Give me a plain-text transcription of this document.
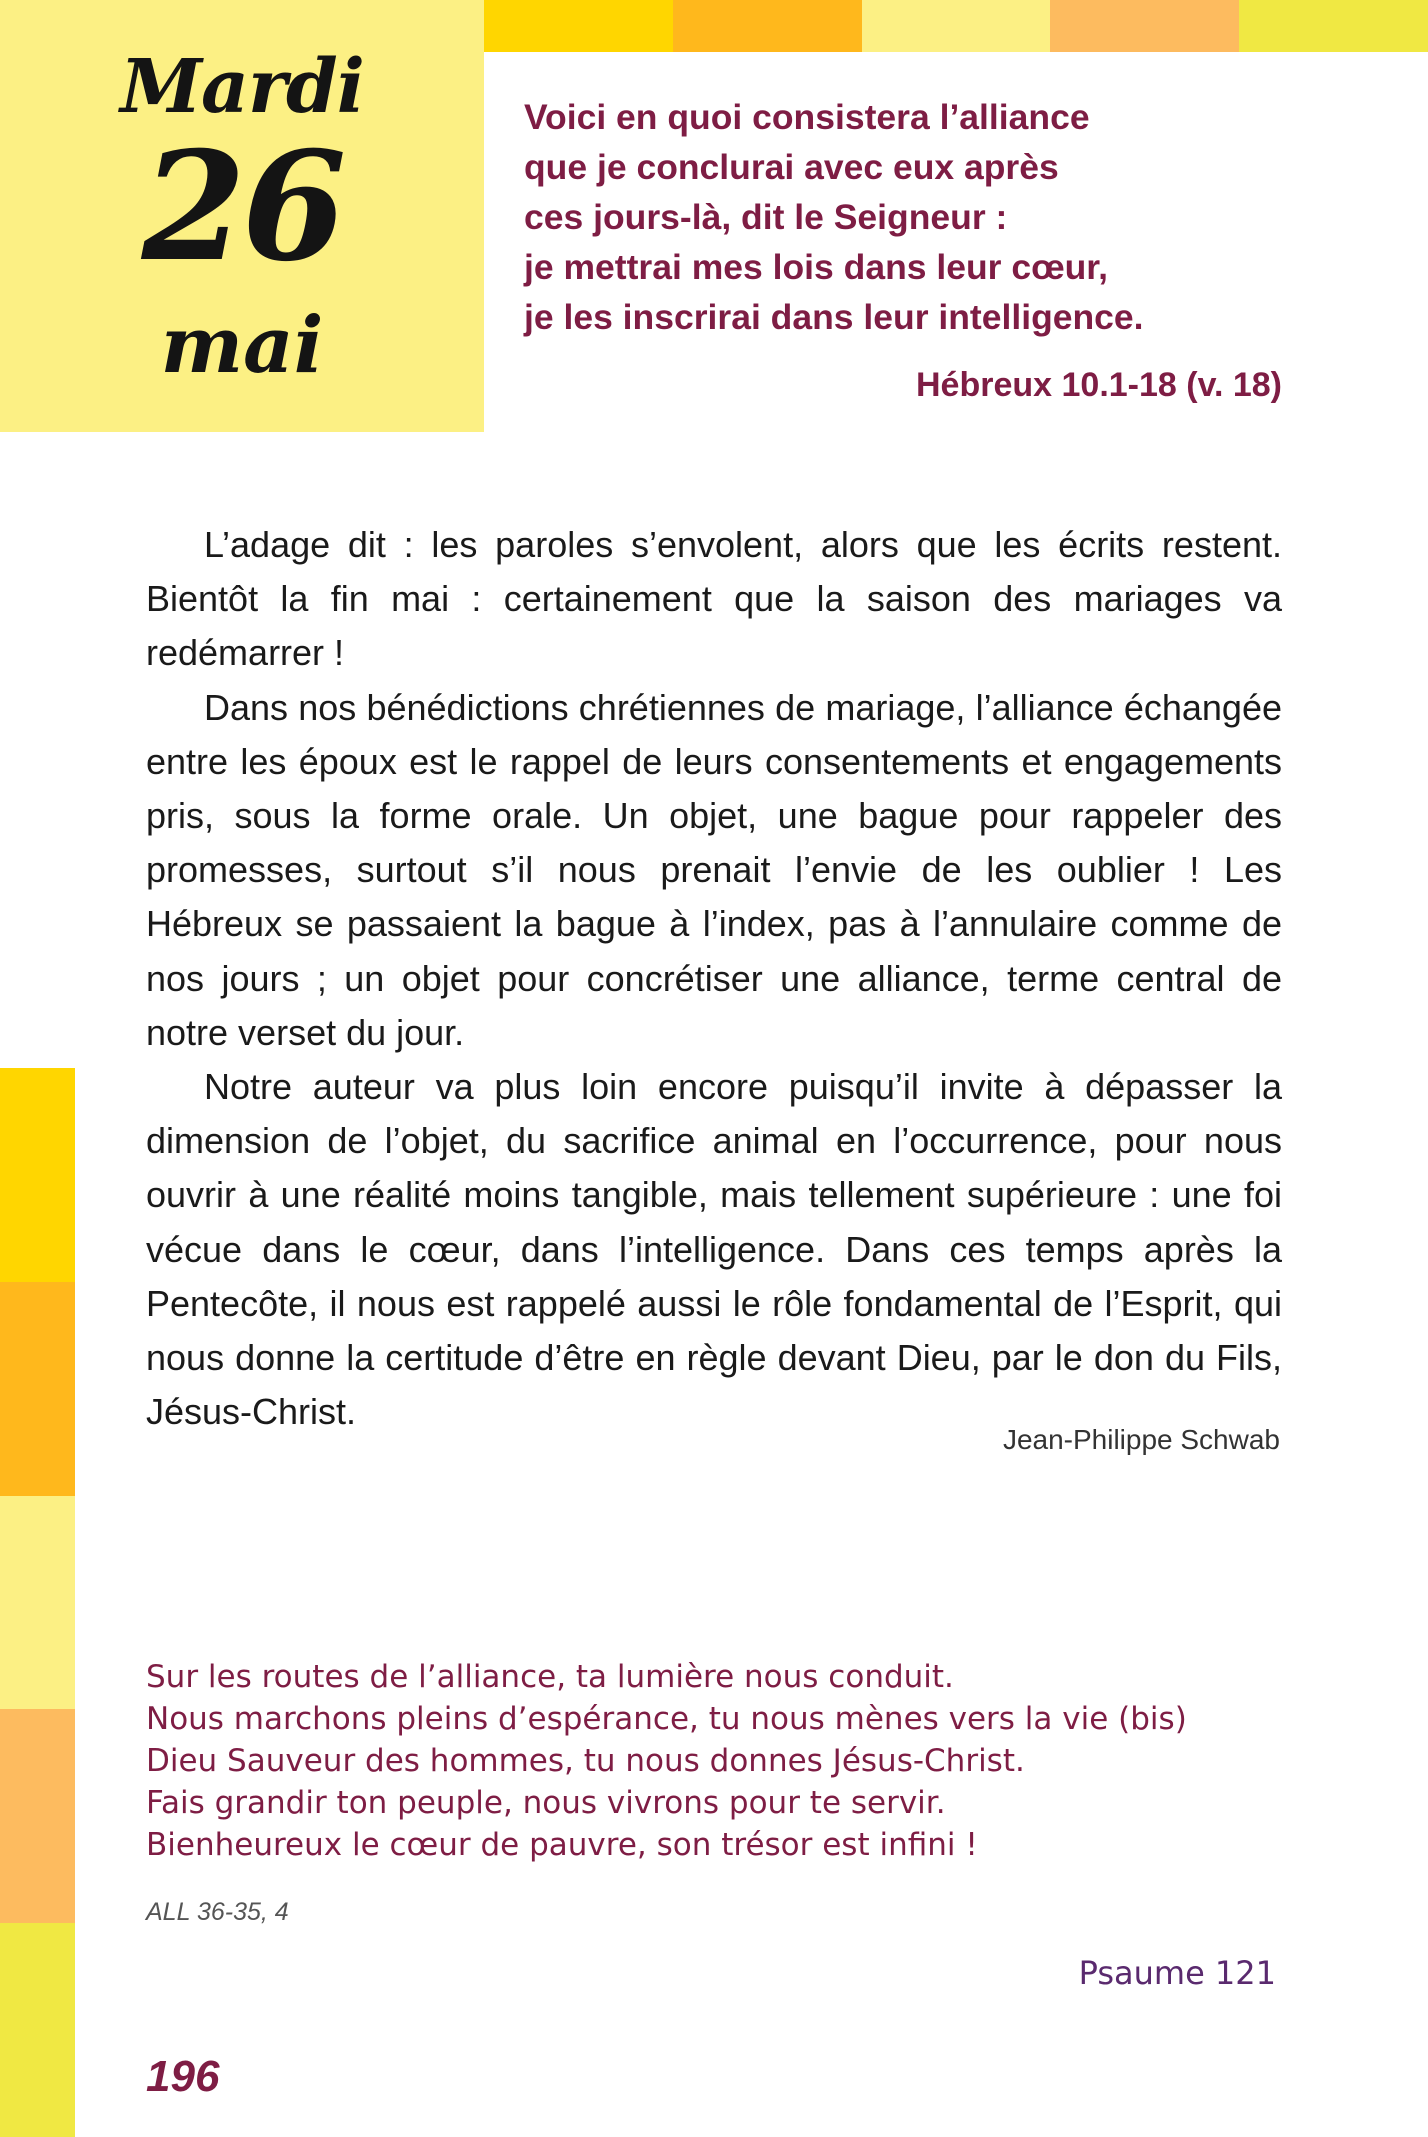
Mardi
26
mai
Voici en quoi consistera l’alliance
que je conclurai avec eux après
ces jours-là, dit le Seigneur :
je mettrai mes lois dans leur cœur,
je les inscrirai dans leur intelligence.
Hébreux 10.1-18 (v. 18)

L’adage dit : les paroles s’envolent, alors que les écrits restent. Bientôt la fin mai : certainement que la saison des mariages va redémarrer !

Dans nos bénédictions chrétiennes de mariage, l’alliance échangée entre les époux est le rappel de leurs consentements et engagements pris, sous la forme orale. Un objet, une bague pour rappeler des promesses, surtout s’il nous prenait l’envie de les oublier ! Les Hébreux se passaient la bague à l’index, pas à l’annulaire comme de nos jours ; un objet pour concrétiser une alliance, terme central de notre verset du jour.

Notre auteur va plus loin encore puisqu’il invite à dépasser la dimension de l’objet, du sacrifice animal en l’occurrence, pour nous ouvrir à une réalité moins tangible, mais tellement supérieure : une foi vécue dans le cœur, dans l’intelligence. Dans ces temps après la Pentecôte, il nous est rappelé aussi le rôle fondamental de l’Esprit, qui nous donne la certitude d’être en règle devant Dieu, par le don du Fils, Jésus-Christ.

Jean-Philippe Schwab
Sur les routes de l’alliance, ta lumière nous conduit.
Nous marchons pleins d’espérance, tu nous mènes vers la vie (bis)
Dieu Sauveur des hommes, tu nous donnes Jésus-Christ.
Fais grandir ton peuple, nous vivrons pour te servir.
Bienheureux le cœur de pauvre, son trésor est infini !
ALL 36-35, 4
Psaume 121
196
